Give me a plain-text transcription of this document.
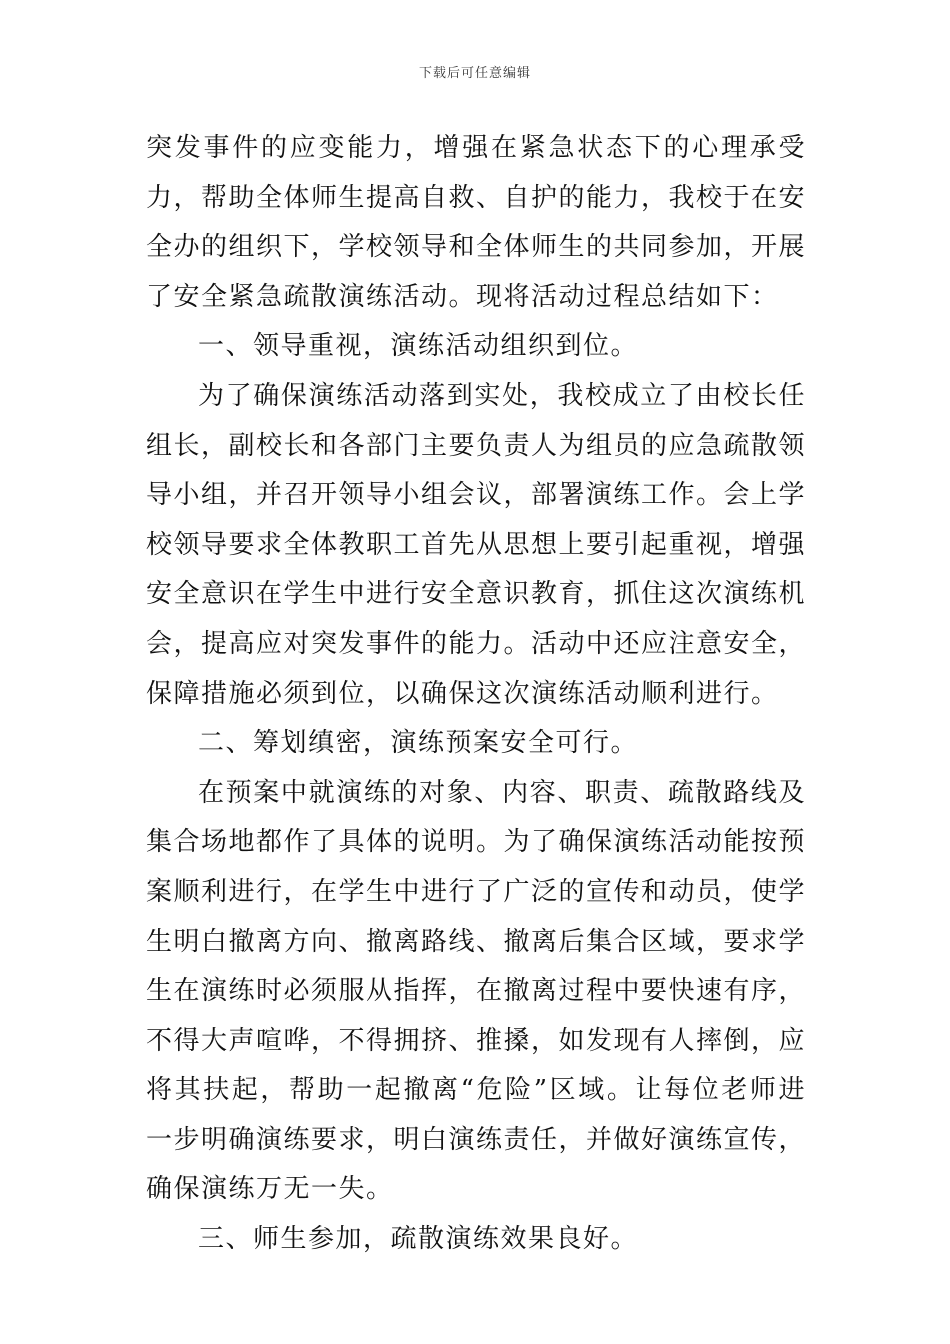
下载后可任意编辑

突发事件的应变能力，增强在紧急状态下的心理承受力，帮助全体师生提高自救、自护的能力，我校于在安全办的组织下，学校领导和全体师生的共同参加，开展了安全紧急疏散演练活动。现将活动过程总结如下：

一、领导重视，演练活动组织到位。

为了确保演练活动落到实处，我校成立了由校长任组长，副校长和各部门主要负责人为组员的应急疏散领导小组，并召开领导小组会议，部署演练工作。会上学校领导要求全体教职工首先从思想上要引起重视，增强安全意识在学生中进行安全意识教育，抓住这次演练机会，提高应对突发事件的能力。活动中还应注意安全，保障措施必须到位，以确保这次演练活动顺利进行。

二、筹划缜密，演练预案安全可行。

在预案中就演练的对象、内容、职责、疏散路线及集合场地都作了具体的说明。为了确保演练活动能按预案顺利进行，在学生中进行了广泛的宣传和动员，使学生明白撤离方向、撤离路线、撤离后集合区域，要求学生在演练时必须服从指挥，在撤离过程中要快速有序，不得大声喧哗，不得拥挤、推搡，如发现有人摔倒，应将其扶起，帮助一起撤离“危险”区域。让每位老师进一步明确演练要求，明白演练责任，并做好演练宣传，确保演练万无一失。

三、师生参加，疏散演练效果良好。
